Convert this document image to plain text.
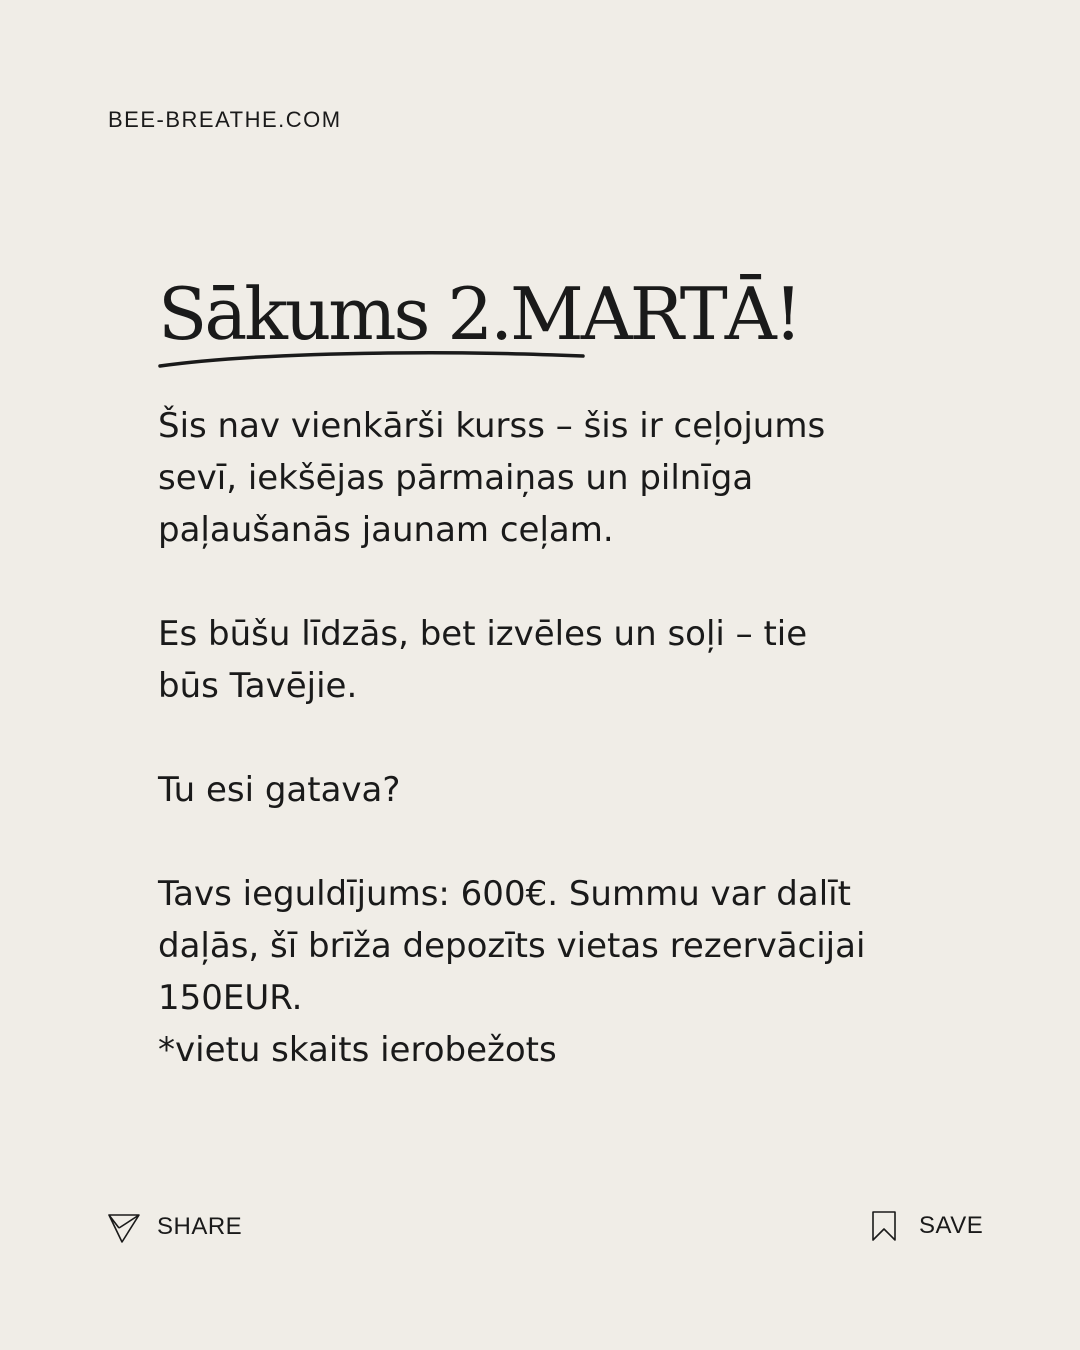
BEE-BREATHE.COM
Sākums 2.MARTĀ!

Šis nav vienkārši kurss – šis ir ceļojums

sevī, iekšējas pārmaiņas un pilnīga

paļaušanās jaunam ceļam.

Es būšu līdzās, bet izvēles un soļi – tie

būs Tavējie.

Tu esi gatava?

Tavs ieguldījums: 600€. Summu var dalīt

daļās, šī brīža depozīts vietas rezervācijai

150EUR.

*vietu skaits ierobežots

SHARE	SAVE
